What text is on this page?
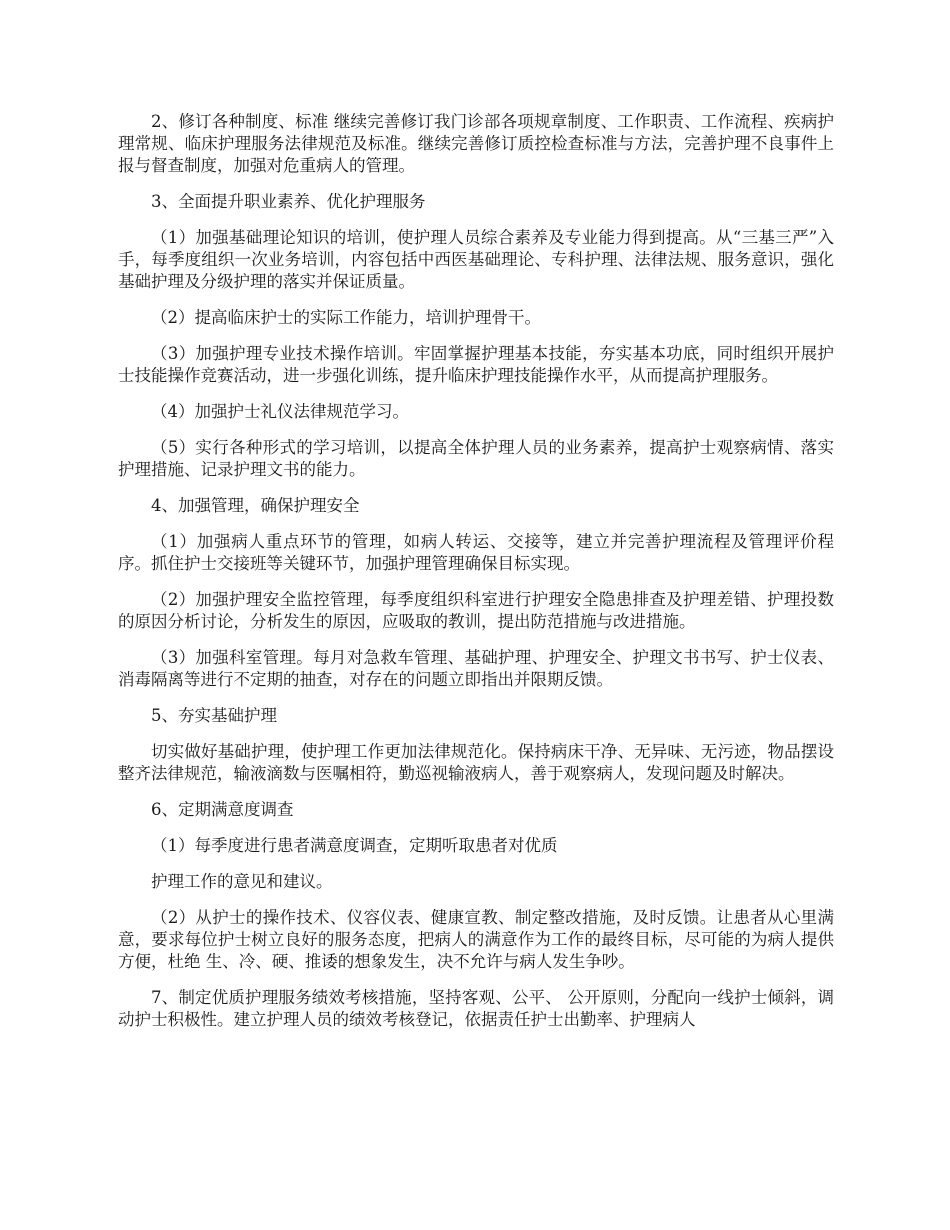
2、修订各种制度、标准 继续完善修订我门诊部各项规章制度、工作职责、工作流程、疾病护理常规、临床护理服务法律规范及标准。继续完善修订质控检查标准与方法，完善护理不良事件上报与督查制度，加强对危重病人的管理。

3、全面提升职业素养、优化护理服务

（1）加强基础理论知识的培训，使护理人员综合素养及专业能力得到提高。从“三基三严”入手，每季度组织一次业务培训，内容包括中西医基础理论、专科护理、法律法规、服务意识，强化基础护理及分级护理的落实并保证质量。

（2）提高临床护士的实际工作能力，培训护理骨干。

（3）加强护理专业技术操作培训。牢固掌握护理基本技能，夯实基本功底，同时组织开展护士技能操作竞赛活动，进一步强化训练，提升临床护理技能操作水平，从而提高护理服务。

（4）加强护士礼仪法律规范学习。

（5）实行各种形式的学习培训，以提高全体护理人员的业务素养，提高护士观察病情、落实护理措施、记录护理文书的能力。

4、加强管理，确保护理安全

（1）加强病人重点环节的管理，如病人转运、交接等，建立并完善护理流程及管理评价程序。抓住护士交接班等关键环节，加强护理管理确保目标实现。

（2）加强护理安全监控管理，每季度组织科室进行护理安全隐患排查及护理差错、护理投数的原因分析讨论，分析发生的原因，应吸取的教训，提出防范措施与改进措施。

（3）加强科室管理。每月对急救车管理、基础护理、护理安全、护理文书书写、护士仪表、消毒隔离等进行不定期的抽查，对存在的问题立即指出并限期反馈。

5、夯实基础护理

切实做好基础护理，使护理工作更加法律规范化。保持病床干净、无异味、无污迹，物品摆设整齐法律规范，输液滴数与医嘱相符，勤巡视输液病人，善于观察病人，发现问题及时解决。

6、定期满意度调查

（1）每季度进行患者满意度调查，定期听取患者对优质

护理工作的意见和建议。

（2）从护士的操作技术、仪容仪表、健康宣教、制定整改措施，及时反馈。让患者从心里满意，要求每位护士树立良好的服务态度，把病人的满意作为工作的最终目标，尽可能的为病人提供方便，杜绝 生、冷、硬、推诿的想象发生，决不允许与病人发生争吵。

7、制定优质护理服务绩效考核措施，坚持客观、公平、 公开原则，分配向一线护士倾斜，调动护士积极性。建立护理人员的绩效考核登记，依据责任护士出勤率、护理病人
